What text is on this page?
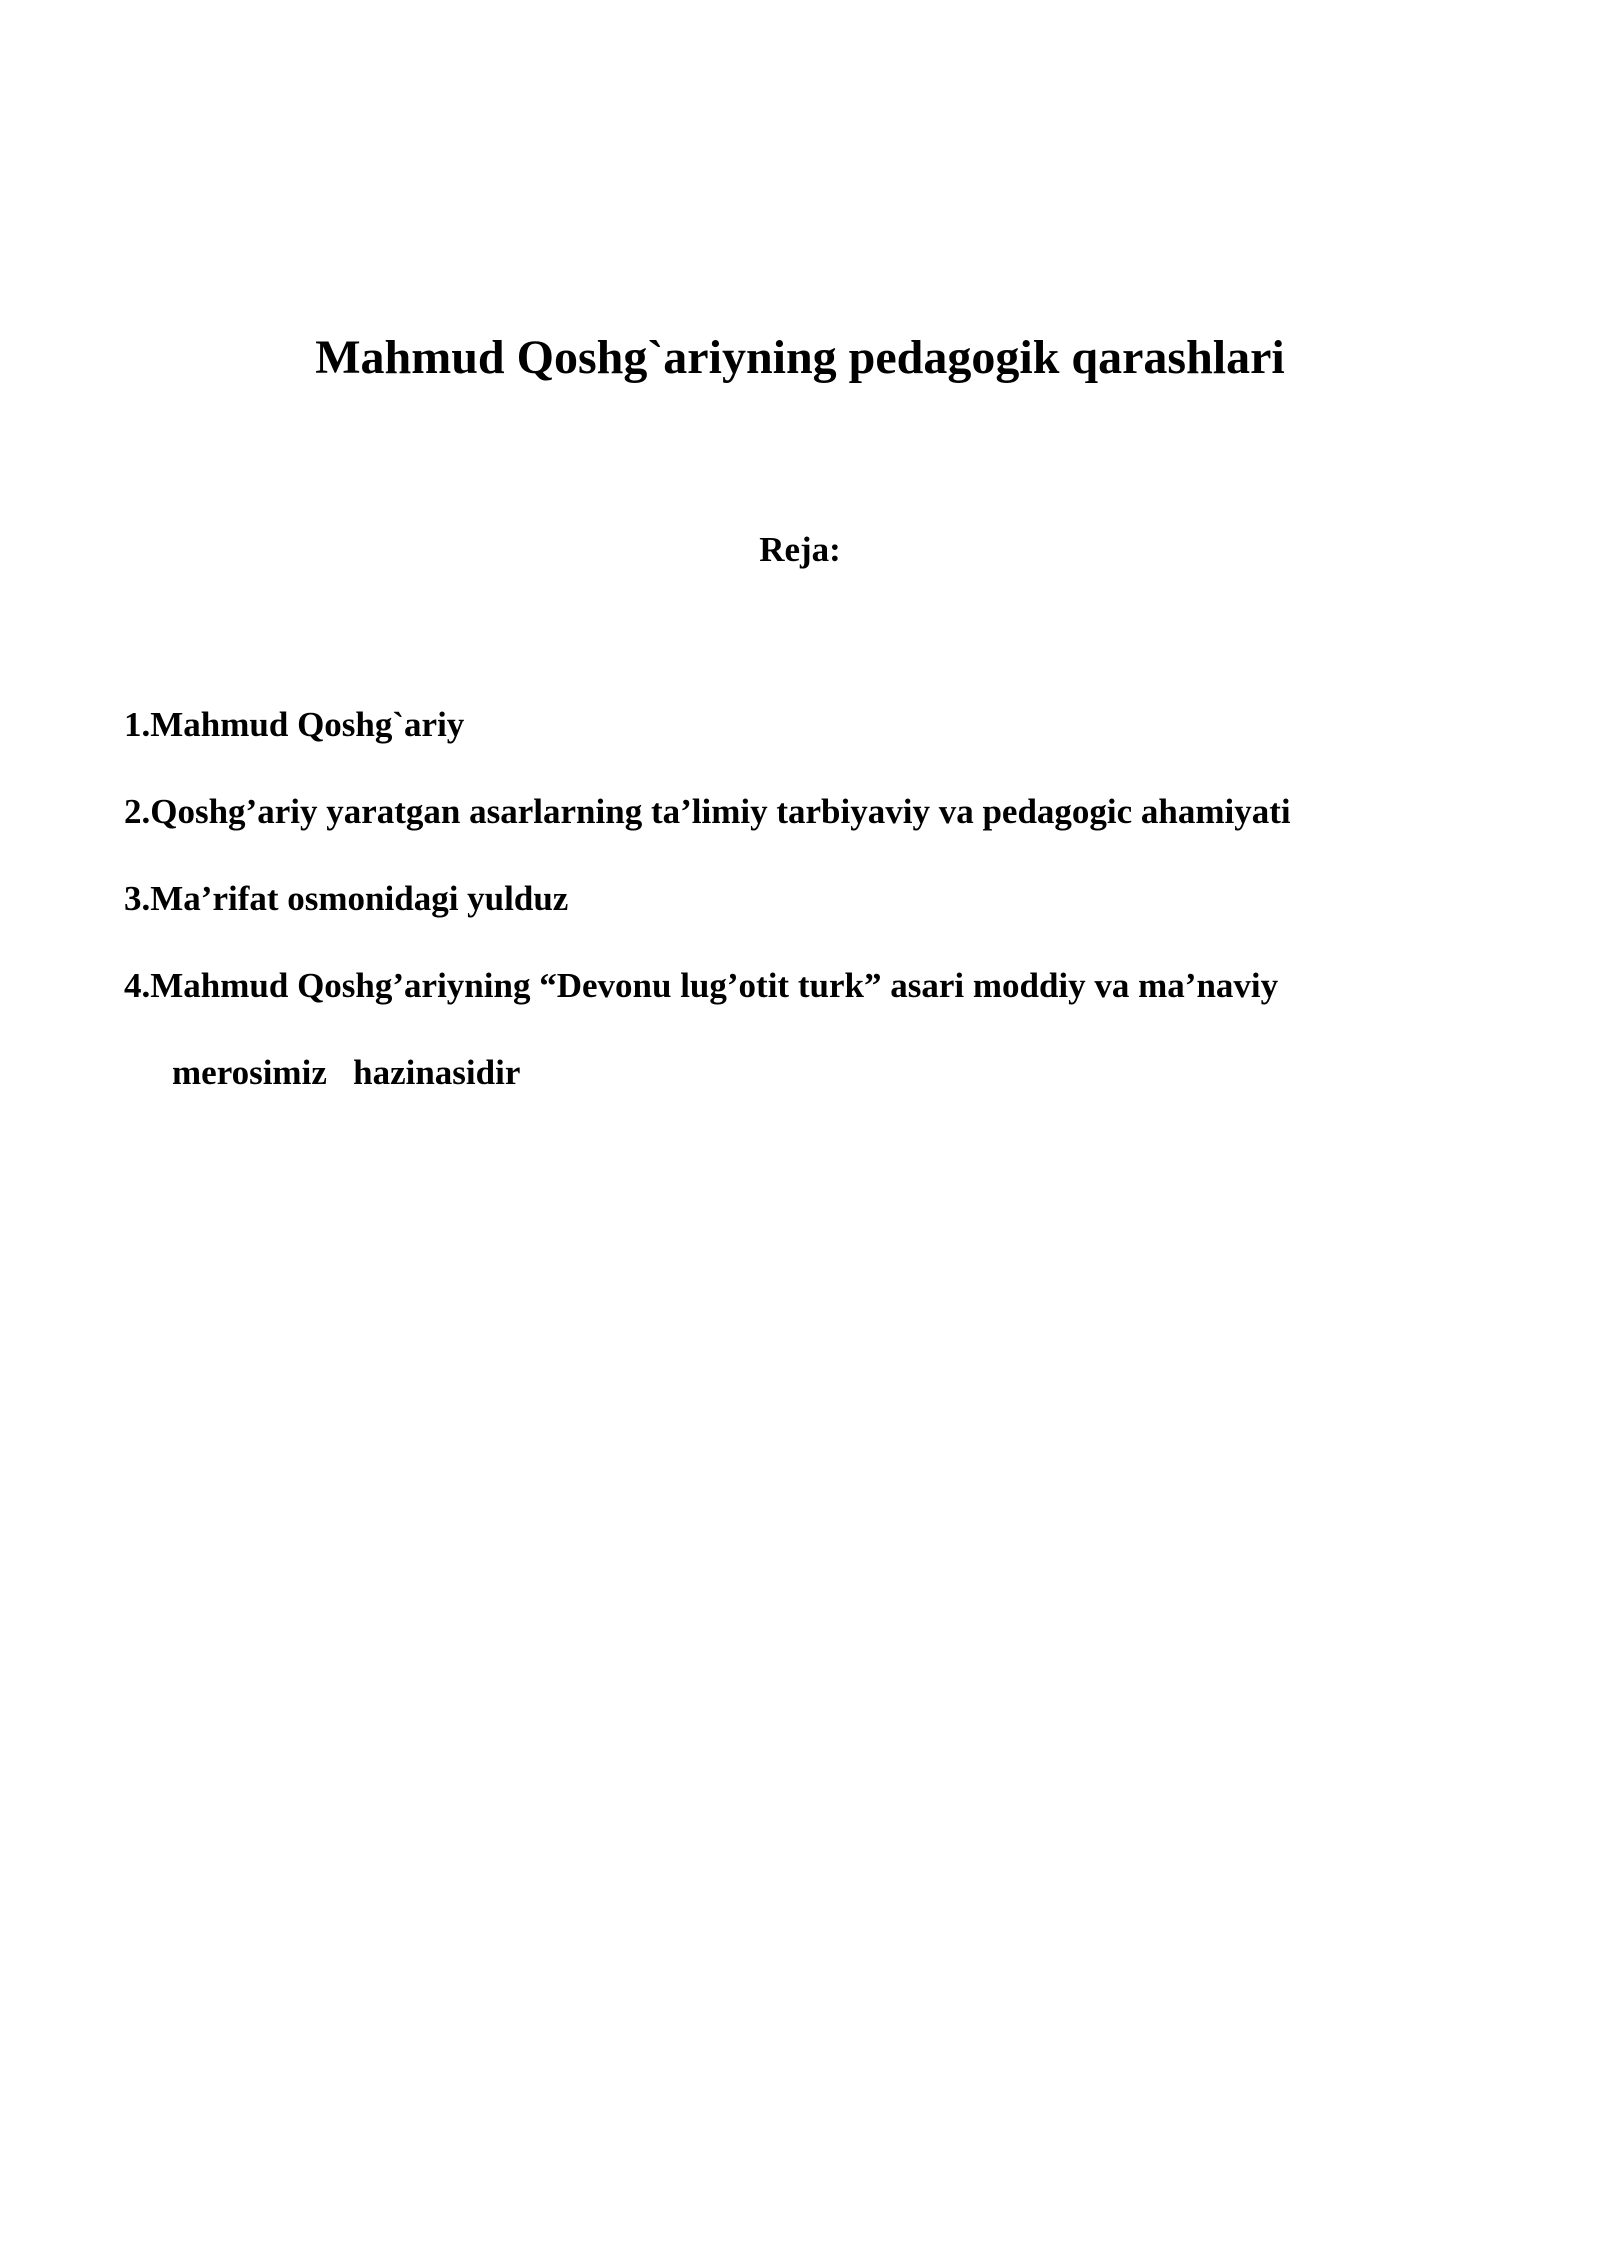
Mahmud Qoshg`ariyning pedagogik qarashlari
Reja:
1.Mahmud Qoshg`ariy
2.Qoshg’ariy yaratgan asarlarning ta’limiy tarbiyaviy va pedagogic ahamiyati
3.Ma’rifat osmonidagi yulduz
4.Mahmud Qoshg’ariyning “Devonu lug’otit turk” asari moddiy va ma’naviy
merosimiz   hazinasidir
